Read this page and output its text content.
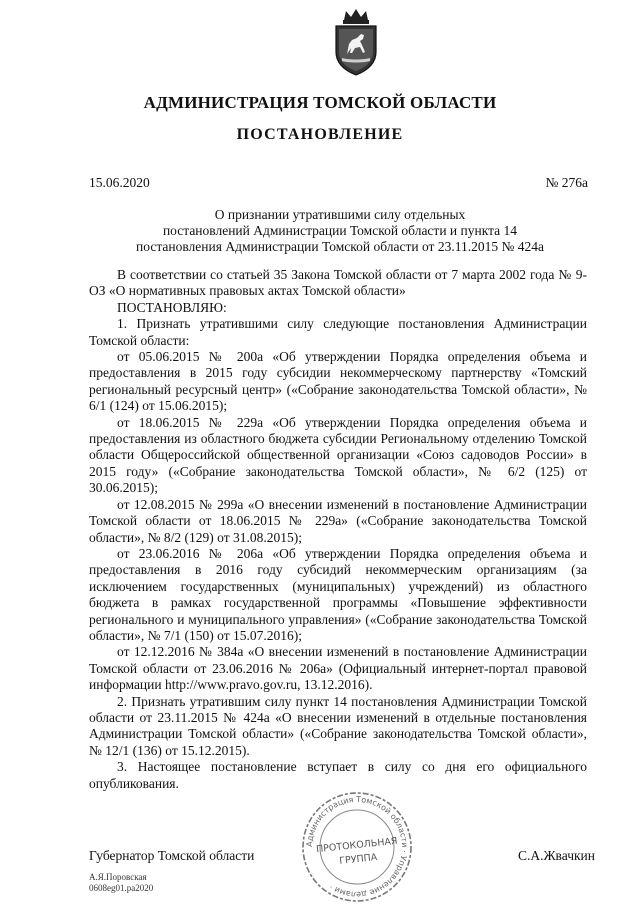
АДМИНИСТРАЦИЯ ТОМСКОЙ ОБЛАСТИ
ПОСТАНОВЛЕНИЕ
15.06.2020	№ 276а
О признании утратившими силу отдельных
постановлений Администрации Томской области и пункта 14
постановления Администрации Томской области от 23.11.2015 № 424а

В соответствии со статьей 35 Закона Томской области от 7 марта 2002 года № 9-ОЗ «О нормативных правовых актах Томской области»

ПОСТАНОВЛЯЮ:

1. Признать утратившими силу следующие постановления Администрации Томской области:

от 05.06.2015 № 200а «Об утверждении Порядка определения объема и предоставления в 2015 году субсидии некоммерческому партнерству «Томский региональный ресурсный центр» («Собрание законодательства Томской области», № 6/1 (124) от 15.06.2015);

от 18.06.2015 № 229а «Об утверждении Порядка определения объема и предоставления из областного бюджета субсидии Региональному отделению Томской области Общероссийской общественной организации «Союз садоводов России» в 2015 году» («Собрание законодательства Томской области», № 6/2 (125) от 30.06.2015);

от 12.08.2015 № 299а «О внесении изменений в постановление Администрации Томской области от 18.06.2015 № 229а» («Собрание законодательства Томской области», № 8/2 (129) от 31.08.2015);

от 23.06.2016 № 206а «Об утверждении Порядка определения объема и предоставления в 2016 году субсидий некоммерческим организациям (за исключением государственных (муниципальных) учреждений) из областного бюджета в рамках государственной программы «Повышение эффективности регионального и муниципального управления» («Собрание законодательства Томской области», № 7/1 (150) от 15.07.2016);

от 12.12.2016 № 384а «О внесении изменений в постановление Администрации Томской области от 23.06.2016 № 206а» (Официальный интернет-портал правовой информации http://www.pravo.gov.ru, 13.12.2016).

2. Признать утратившим силу пункт 14 постановления Администрации Томской области от 23.11.2015 № 424а «О внесении изменений в отдельные постановления Администрации Томской области» («Собрание законодательства Томской области», № 12/1 (136) от 15.12.2015).

3. Настоящее постановление вступает в силу со дня его официального опубликования.

Администрация Томской области · Управление делами ·
ПРОТОКОЛЬНАЯ
ГРУППА
Губернатор Томской области	С.А.Жвачкин
А.Я.Поровская
0608eg01.pa2020
